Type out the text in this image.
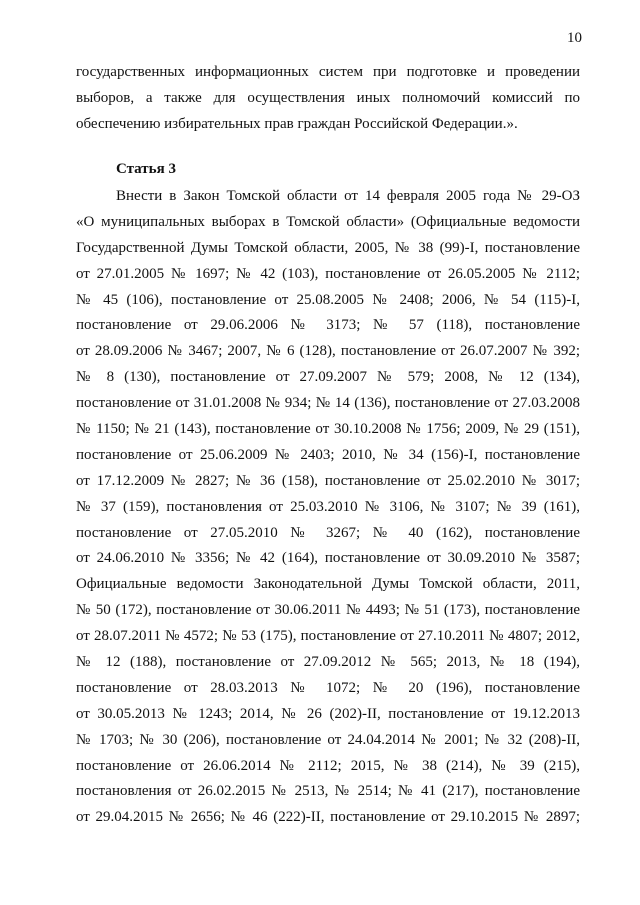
10
государственных информационных систем при подготовке и проведении
выборов, а также для осуществления иных полномочий комиссий по
обеспечению избирательных прав граждан Российской Федерации.».
Статья 3
Внести в Закон Томской области от 14 февраля 2005 года № 29-ОЗ
«О муниципальных выборах в Томской области» (Официальные ведомости
Государственной Думы Томской области, 2005, № 38 (99)-I, постановление
от 27.01.2005 № 1697; № 42 (103), постановление от 26.05.2005 № 2112;
№ 45 (106), постановление от 25.08.2005 № 2408; 2006, № 54 (115)-I,
постановление от 29.06.2006 № 3173; № 57 (118), постановление
от 28.09.2006 № 3467; 2007, № 6 (128), постановление от 26.07.2007 № 392;
№ 8 (130), постановление от 27.09.2007 № 579; 2008, № 12 (134),
постановление от 31.01.2008 № 934; № 14 (136), постановление от 27.03.2008
№ 1150; № 21 (143), постановление от 30.10.2008 № 1756; 2009, № 29 (151),
постановление от 25.06.2009 № 2403; 2010, № 34 (156)-I, постановление
от 17.12.2009 № 2827; № 36 (158), постановление от 25.02.2010 № 3017;
№ 37 (159), постановления от 25.03.2010 № 3106, № 3107; № 39 (161),
постановление от 27.05.2010 № 3267; № 40 (162), постановление
от 24.06.2010 № 3356; № 42 (164), постановление от 30.09.2010 № 3587;
Официальные ведомости Законодательной Думы Томской области, 2011,
№ 50 (172), постановление от 30.06.2011 № 4493; № 51 (173), постановление
от 28.07.2011 № 4572; № 53 (175), постановление от 27.10.2011 № 4807; 2012,
№ 12 (188), постановление от 27.09.2012 № 565; 2013, № 18 (194),
постановление от 28.03.2013 № 1072; № 20 (196), постановление
от 30.05.2013 № 1243; 2014, № 26 (202)-II, постановление от 19.12.2013
№ 1703; № 30 (206), постановление от 24.04.2014 № 2001; № 32 (208)-II,
постановление от 26.06.2014 № 2112; 2015, № 38 (214), № 39 (215),
постановления от 26.02.2015 № 2513, № 2514; № 41 (217), постановление
от 29.04.2015 № 2656; № 46 (222)-II, постановление от 29.10.2015 № 2897;
